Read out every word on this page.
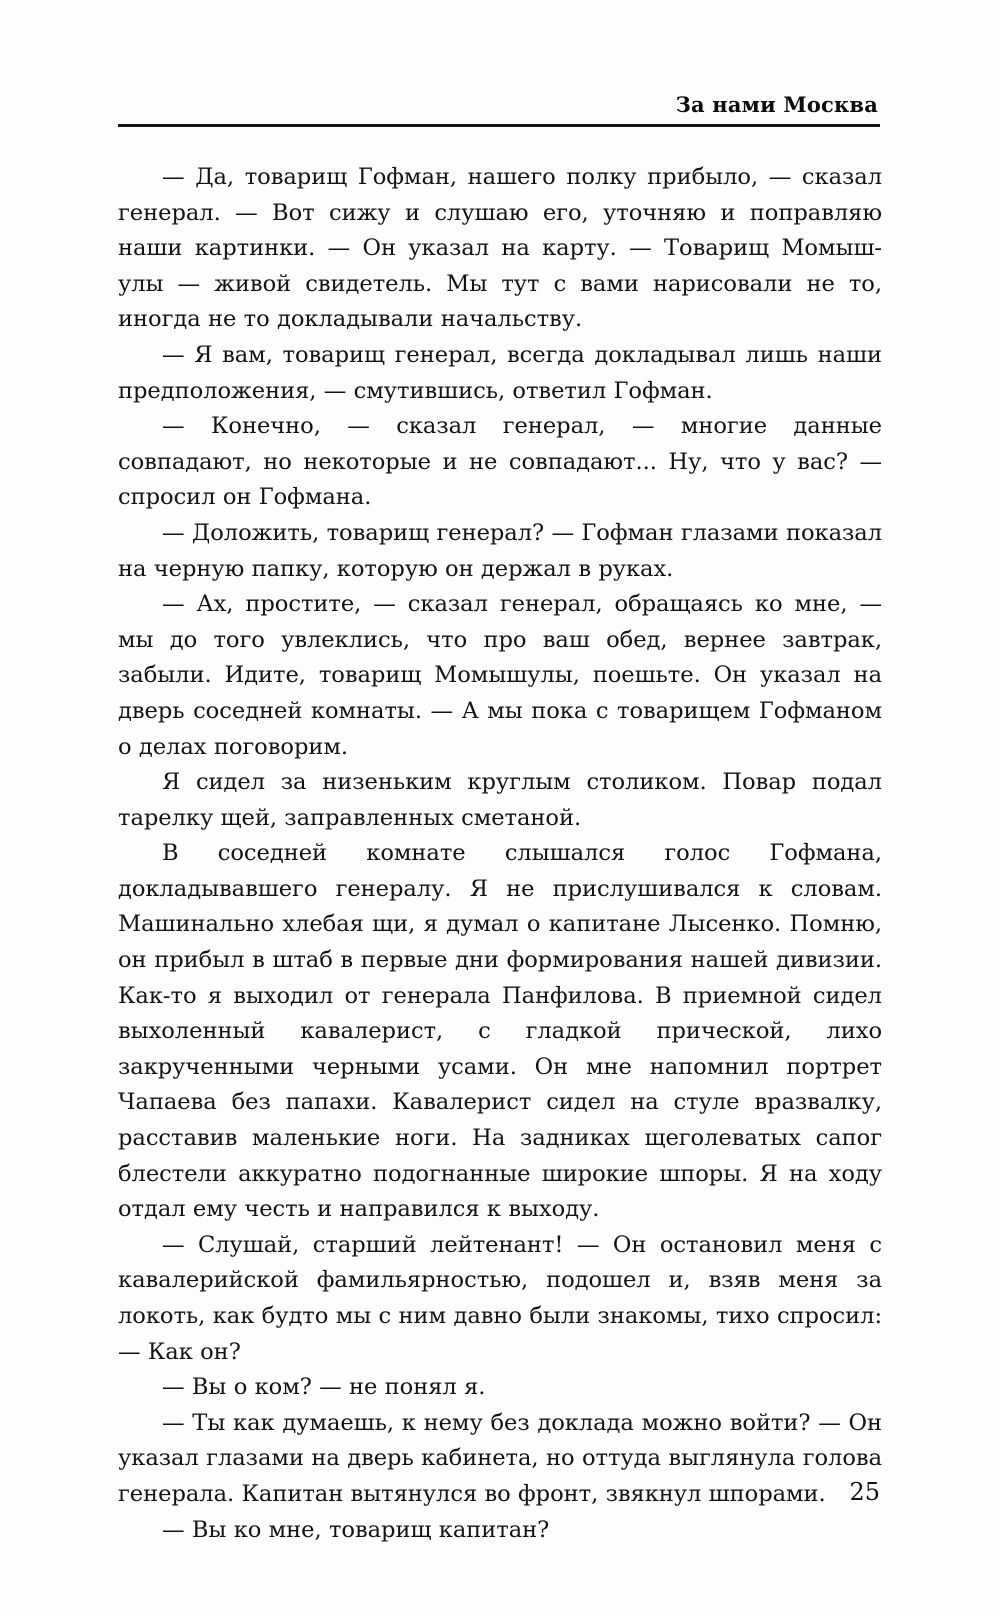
За нами Москва

— Да, товарищ Гофман, нашего полку прибыло, — сказал генерал. — Вот сижу и слушаю его, уточняю и поправляю наши картинки. — Он указал на карту. — Товарищ Момыш-улы — живой свидетель. Мы тут с вами нарисовали не то, иногда не то докладывали начальству.

— Я вам, товарищ генерал, всегда докладывал лишь наши предположения, — смутившись, ответил Гофман.

— Конечно, — сказал генерал, — многие данные совпадают, но некоторые и не совпадают... Ну, что у вас? — спросил он Гофмана.

— Доложить, товарищ генерал? — Гофман глазами показал на черную папку, которую он держал в руках.

— Ах, простите, — сказал генерал, обращаясь ко мне, — мы до того увлеклись, что про ваш обед, вернее завтрак, забыли. Идите, товарищ Момышулы, поешьте. Он указал на дверь соседней комнаты. — А мы пока с товарищем Гофманом о делах поговорим.

Я сидел за низеньким круглым столиком. Повар подал тарелку щей, заправленных сметаной.

В соседней комнате слышался голос Гофмана, докладывавшего генералу. Я не прислушивался к словам. Машинально хлебая щи, я думал о капитане Лысенко. Помню, он прибыл в штаб в первые дни формирования нашей дивизии. Как-то я выходил от генерала Панфилова. В приемной сидел выхоленный кавалерист, с гладкой прической, лихо закрученными черными усами. Он мне напомнил портрет Чапаева без папахи. Кавалерист сидел на стуле вразвалку, расставив маленькие ноги. На задниках щеголеватых сапог блестели аккуратно подогнанные широкие шпоры. Я на ходу отдал ему честь и направился к выходу.

— Слушай, старший лейтенант! — Он остановил меня с кавалерийской фамильярностью, подошел и, взяв меня за локоть, как будто мы с ним давно были знакомы, тихо спросил: — Как он?

— Вы о ком? — не понял я.

— Ты как думаешь, к нему без доклада можно войти? — Он указал глазами на дверь кабинета, но оттуда выглянула голова генерала. Капитан вытянулся во фронт, звякнул шпорами.

— Вы ко мне, товарищ капитан?

25
